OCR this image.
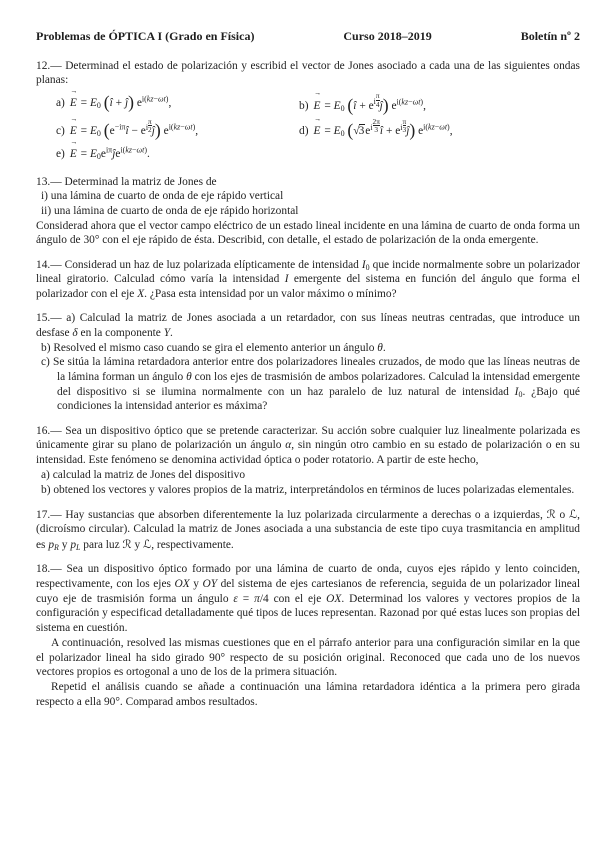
Problemas de ÓPTICA I (Grado en Física)	Curso 2018–2019	Boletín nº 2

12.— Determinad el estado de polarización y escribid el vector de Jones asociado a cada una de las siguientes ondas planas:

$a) \to E = E_0$ (î + ĵ) $e^{i(kz-\omega t)}$,	$b) \to E = E_0$ (î + $e^{i \frac{\pi}{4}}$ ĵ) $e^{i(kz-\omega t)}$,
$c) \to E = E_0$ ($e^{-i\pi}î - e^{i \frac{\pi}{2}}$ ĵ) $e^{i(kz-\omega t)}$,	$d) \to E = E_0$ ($√3e^{i \frac{2\pi}{3}}$ î + $e^{i \frac{\pi}{3}}$ ĵ) $e^{i(kz-\omega t)}$,
$e) \to E = E_0e^{i\pi}ĵe^{i(kz-\omega t)}$.

13.— Determinad la matriz de Jones de

i) una lámina de cuarto de onda de eje rápido vertical

ii) una lámina de cuarto de onda de eje rápido horizontal

Considerad ahora que el vector campo eléctrico de un estado lineal incidente en una lámina de cuarto de onda forma un ángulo de 30° con el eje rápido de ésta. Describid, con detalle, el estado de polarización de la onda emergente.

14.— Considerad un haz de luz polarizada elípticamente de intensidad $I_0$ que incide normalmente sobre un polarizador lineal giratorio. Calculad cómo varía la intensidad I emergente del sistema en función del ángulo que forma el polarizador con el eje X. ¿Pasa esta intensidad por un valor máximo o mínimo?

15.— a) Calculad la matriz de Jones asociada a un retardador, con sus líneas neutras centradas, que introduce un desfase δ en la componente Y.

b) Resolved el mismo caso cuando se gira el elemento anterior un ángulo θ.

c) Se sitúa la lámina retardadora anterior entre dos polarizadores lineales cruzados, de modo que las líneas neutras de la lámina forman un ángulo θ con los ejes de trasmisión de ambos polarizadores. Calculad la intensidad emergente del dispositivo si se ilumina normalmente con un haz paralelo de luz natural de intensidad $I_0$. ¿Bajo qué condiciones la intensidad anterior es máxima?

16.— Sea un dispositivo óptico que se pretende caracterizar. Su acción sobre cualquier luz linealmente polarizada es únicamente girar su plano de polarización un ángulo α, sin ningún otro cambio en su estado de polarización o en su intensidad. Este fenómeno se denomina actividad óptica o poder rotatorio. A partir de este hecho,

a) calculad la matriz de Jones del dispositivo

b) obtened los vectores y valores propios de la matriz, interpretándolos en términos de luces polarizadas elementales.

17.— Hay sustancias que absorben diferentemente la luz polarizada circularmente a derechas o a izquierdas, ℛ o ℒ, (dicroísmo circular). Calculad la matriz de Jones asociada a una substancia de este tipo cuya trasmitancia en amplitud es $p_R$ y $p_L$ para luz ℛ y ℒ, respectivamente.

18.— Sea un dispositivo óptico formado por una lámina de cuarto de onda, cuyos ejes rápido y lento coinciden, respectivamente, con los ejes OX y OY del sistema de ejes cartesianos de referencia, seguida de un polarizador lineal cuyo eje de trasmisión forma un ángulo ε = π/4 con el eje OX. Determinad los valores y vectores propios de la configuración y especificad detalladamente qué tipos de luces representan. Razonad por qué estas luces son propias del sistema en cuestión.

A continuación, resolved las mismas cuestiones que en el párrafo anterior para una configuración similar en la que el polarizador lineal ha sido girado 90° respecto de su posición original. Reconoced que cada uno de los nuevos vectores propios es ortogonal a uno de los de la primera situación.

Repetid el análisis cuando se añade a continuación una lámina retardadora idéntica a la primera pero girada respecto a ella 90°. Comparad ambos resultados.
